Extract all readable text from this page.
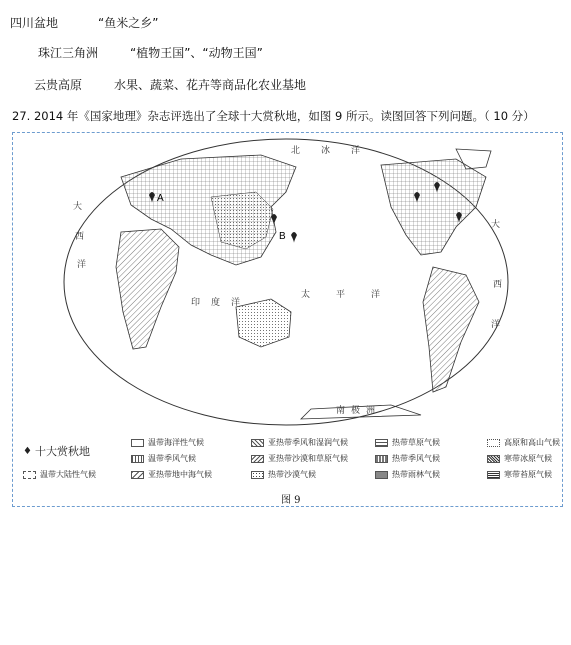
四川盆地	“鱼米之乡”
珠江三角洲	“植物王国”、“动物王国”
云贵高原	水果、蔬菜、花卉等商品化农业基地
27. 2014 年《国家地理》杂志评选出了全球十大赏秋地，如图 9 所示。读图回答下列问题。（ 10 分）
A
B
北 冰 洋
大
西
洋
太	平	洋
印 度 洋
大
西
洋
南 极 洲
♦ 十大赏秋地
温带海洋性气候	亚热带季风和湿润气候	热带草原气候	高原和高山气候
温带季风气候	亚热带沙漠和草原气候	热带季风气候	寒带冰原气候
温带大陆性气候	亚热带地中海气候	热带沙漠气候	热带雨林气候	寒带苔原气候
图 9
